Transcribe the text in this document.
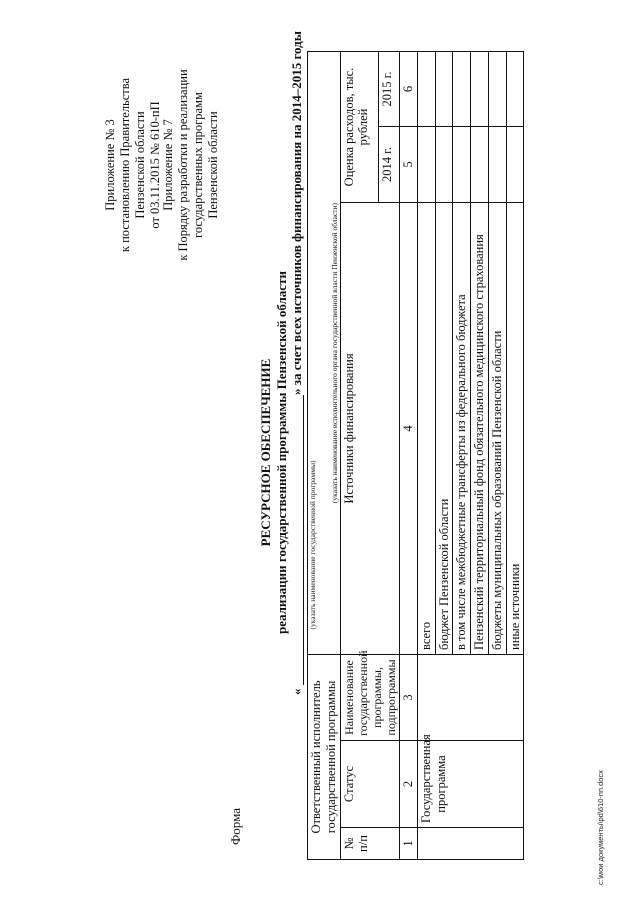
Приложение № 3 к постановлению Правительства Пензенской области от 03.11.2015 № 610-пП Приложение № 7 к Порядку разработки и реализации государственных программ Пензенской области
Форма
РЕСУРСНОЕ ОБЕСПЕЧЕНИЕ реализации государственной программы Пензенской области
«
» за счет всех источников финансирования на 2014–2015 годы
(указать наименование государственной программы)
Ответственный исполнитель государственной программы			(указать наименование исполнительного органа государственной власти Пензенской области)		
№ п/п	Статус	Наименование государственной программы, подпрограммы	Источники финансирования	Оценка расходов, тыс. рублей	
				2014 г.	2015 г.
1	2	3	4	5	6
	Государственная программа		всего		
			бюджет Пензенской области		
			в том числе межбюджетные трансферты из федерального бюджета		
			Пензенский территориальный фонд обязательного медицинского страхования		
			бюджеты муниципальных образований Пензенской области		
			иные источники		
c:\мои документы\pd\610-пп.docx
